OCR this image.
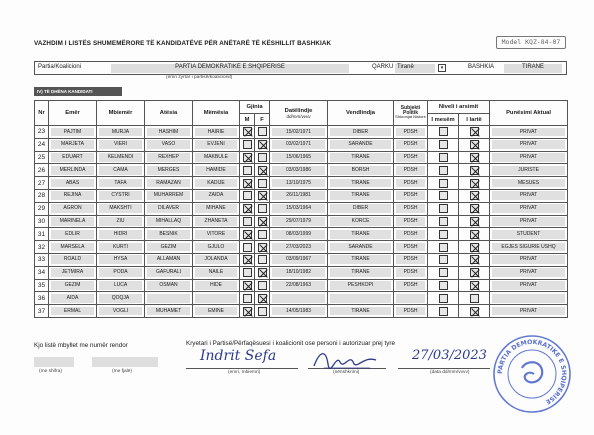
VAZHDIM I LISTËS SHUMEMËRORE TË KANDIDATËVE PËR ANËTARË TË KËSHILLIT BASHKIAK	Model KQZ-84-07
Partia/Koalicioni	PARTIA DEMOKRATIKE E SHQIPERISE	QARKU Tiranë	▾	BASHKIA	TIRANE
(emri zyrtar i partisë/koalicionit)
IV) TË DHËNA KANDIDATI
Nr	Emër	Mbiemër	Atësia	Mëmësia	Gjinia		Datëlindje
dd/mm/vvvv	Vendlindja	Subjekti Politik
Shkronjat Nistore	Niveli i arsimit		Punësimi Aktual
					M	F				I mesëm	I lartë	
23	PAJTIM	MURJA	HASHIM	HAIRIE			15/02/1971	DIBER	PDSH			PRIVAT

24	MARJETA	VIERI	VASO	EVJENI			03/02/1971	SARANDE	PDSH			PRIVAT

25	EDUART	KELMENDI	REXHEP	MAKBULE			15/06/1965	TIRANE	PDSH			PRIVAT

26	MERLINDA	CAMA	MERGES	HAMIDE			03/03/1986	BORSH	PDSH			JURISTE

27	ABAS	TAFA	RAMAZAN	KADIJE			13/10/1975	TIRANE	PDSH			MESUES

28	REJINA	CYSTRI	MUHARREM	ZAIDA			26/11/1981	TIRANE	PDSH			PRIVAT

29	AGRON	MAKSHTI	DILAVER	MIHANE			15/03/1964	DIBER	PDSH			PRIVAT

30	MARINELA	ZIU	MIHALLAQ	ZHANETA			29/07/1979	KORCE	PDSH			PRIVAT

31	EDLIR	HIDRI	BESNIK	VITORE			08/03/1999	TIRANE	PDSH			STUDENT

32	MARSELA	KURTI	GEZIM	GJULO			27/03/2023	SARANDE	PDSH			EGJES SIGURIE USHQ

33	ROALD	HYSA	ALLAMAN	JOLANDA			03/09/1967	TIRANE	PDSH			PRIVAT

34	JETMIRA	PODA	GAFURALI	NAILE			18/10/1982	TIRANE	PDSH			PRIVAT

35	GEZIM	LUCA	OSMAN	HIDE			22/08/1963	PESHKOPI	PDSH			PRIVAT

36	AIDA	QOQJA										

37	ERMAL	VOGLI	MUHAMET	EMINE			14/05/1983	TIRANE	PDSH			PRIVAT
Kjo listë mbyllet me numër rendor
(me shifra)	(me fjalë)
Kryetari i Partisë/Përfaqësuesi i koalicionit ose personi i autorizuar prej tyre
(emri, mbiemri)	(nënshkrimi)	(data dd/mm/vvvv)
Indrit Sefa	27/03/2023
PARTIA DEMOKRATIKE E SHQIPERISE
